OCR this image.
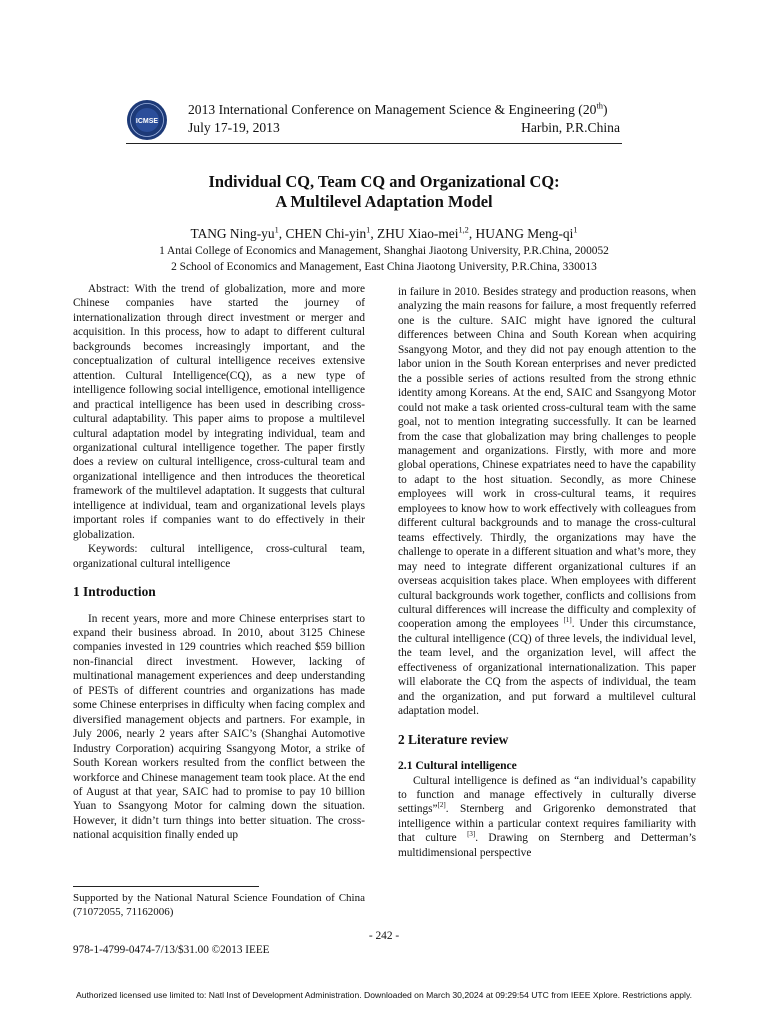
ICMSE
2013 International Conference on Management Science & Engineering (20th)
July 17-19, 2013	Harbin, P.R.China
Individual CQ, Team CQ and Organizational CQ:
A Multilevel Adaptation Model
TANG Ning-$yu^1$, CHEN Chi-yin$^1$, ZHU Xiao-mei$^{1,2}$, HUANG Meng-$qi^1$
1 Antai College of Economics and Management, Shanghai Jiaotong University, P.R.China, 200052
2 School of Economics and Management, East China Jiaotong University, P.R.China, 330013

Abstract: With the trend of globalization, more and more Chinese companies have started the journey of internationalization through direct investment or merger and acquisition. In this process, how to adapt to different cultural backgrounds becomes increasingly important, and the conceptualization of cultural intelligence receives extensive attention. Cultural Intelligence(CQ), as a new type of intelligence following social intelligence, emotional intelligence and practical intelligence has been used in describing cross-cultural adaptability. This paper aims to propose a multilevel cultural adaptation model by integrating individual, team and organizational cultural intelligence together. The paper firstly does a review on cultural intelligence, cross-cultural team and organizational intelligence and then introduces the theoretical framework of the multilevel adaptation. It suggests that cultural intelligence at individual, team and organizational levels plays important roles if companies want to do effectively in their globalization.

Keywords: cultural intelligence, cross-cultural team, organizational cultural intelligence

1 Introduction

In recent years, more and more Chinese enterprises start to expand their business abroad. In 2010, about 3125 Chinese companies invested in 129 countries which reached $59 billion non-financial direct investment. However, lacking of multinational management experiences and deep understanding of PESTs of different countries and organizations has made some Chinese enterprises in difficulty when facing complex and diversified management objects and partners. For example, in July 2006, nearly 2 years after SAIC’s (Shanghai Automotive Industry Corporation) acquiring Ssangyong Motor, a strike of South Korean workers resulted from the conflict between the workforce and Chinese management team took place. At the end of August at that year, SAIC had to promise to pay 10 billion Yuan to Ssangyong Motor for calming down the situation. However, it didn’t turn things into better situation. The cross-national acquisition finally ended up

in failure in 2010. Besides strategy and production reasons, when analyzing the main reasons for failure, a most frequently referred one is the culture. SAIC might have ignored the cultural differences between China and South Korean when acquiring Ssangyong Motor, and they did not pay enough attention to the labor union in the South Korean enterprises and never predicted the a possible series of actions resulted from the strong ethnic identity among Koreans. At the end, SAIC and Ssangyong Motor could not make a task oriented cross-cultural team with the same goal, not to mention integrating successfully. It can be learned from the case that globalization may bring challenges to people management and organizations. Firstly, with more and more global operations, Chinese expatriates need to have the capability to adapt to the host situation. Secondly, as more Chinese employees will work in cross-cultural teams, it requires employees to know how to work effectively with colleagues from different cultural backgrounds and to manage the cross-cultural teams effectively. Thirdly, the organizations may have the challenge to operate in a different situation and what’s more, they may need to integrate different organizational cultures if an overseas acquisition takes place. When employees with different cultural backgrounds work together, conflicts and collisions from cultural differences will increase the difficulty and complexity of cooperation among the employees [1]. Under this circumstance, the cultural intelligence (CQ) of three levels, the individual level, the team level, and the organization level, will affect the effectiveness of organizational internationalization. This paper will elaborate the CQ from the aspects of individual, the team and the organization, and put forward a multilevel cultural adaptation model.

2 Literature review
2.1 Cultural intelligence

Cultural intelligence is defined as “an individual’s capability to function and manage effectively in culturally diverse settings”[2]. Sternberg and Grigorenko demonstrated that intelligence within a particular context requires familiarity with that culture [3]. Drawing on Sternberg and Detterman’s multidimensional perspective

Supported by the National Natural Science Foundation of China (71072055, 71162006)
- 242 -
978-1-4799-0474-7/13/$31.00 ©2013 IEEE
Authorized licensed use limited to: Natl Inst of Development Administration. Downloaded on March 30,2024 at 09:29:54 UTC from IEEE Xplore. Restrictions apply.
